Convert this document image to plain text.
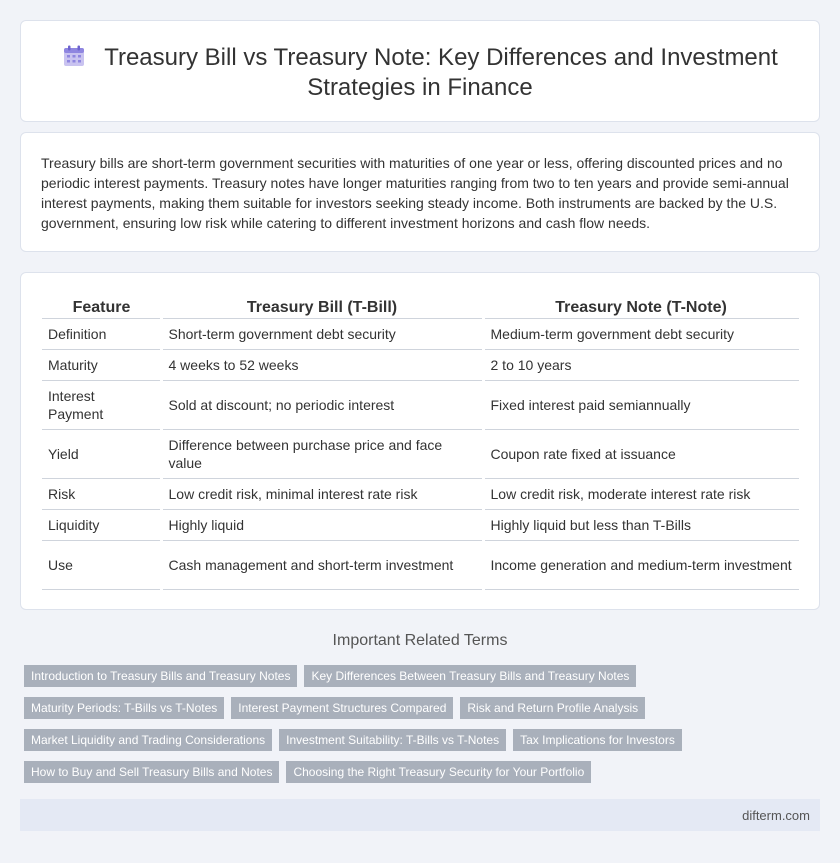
Treasury Bill vs Treasury Note: Key Differences and Investment Strategies in Finance

Treasury bills are short-term government securities with maturities of one year or less, offering discounted prices and no periodic interest payments. Treasury notes have longer maturities ranging from two to ten years and provide semi-annual interest payments, making them suitable for investors seeking steady income. Both instruments are backed by the U.S. government, ensuring low risk while catering to different investment horizons and cash flow needs.

Feature	Treasury Bill (T-Bill)	Treasury Note (T-Note)
Definition	Short-term government debt security	Medium-term government debt security
Maturity	4 weeks to 52 weeks	2 to 10 years
Interest Payment	Sold at discount; no periodic interest	Fixed interest paid semiannually
Yield	Difference between purchase price and face value	Coupon rate fixed at issuance
Risk	Low credit risk, minimal interest rate risk	Low credit risk, moderate interest rate risk
Liquidity	Highly liquid	Highly liquid but less than T-Bills
Use	Cash management and short-term investment	Income generation and medium-term investment
Important Related Terms
Introduction to Treasury Bills and Treasury Notes	Key Differences Between Treasury Bills and Treasury Notes
Maturity Periods: T-Bills vs T-Notes	Interest Payment Structures Compared	Risk and Return Profile Analysis
Market Liquidity and Trading Considerations	Investment Suitability: T-Bills vs T-Notes	Tax Implications for Investors
How to Buy and Sell Treasury Bills and Notes	Choosing the Right Treasury Security for Your Portfolio
difterm.com
